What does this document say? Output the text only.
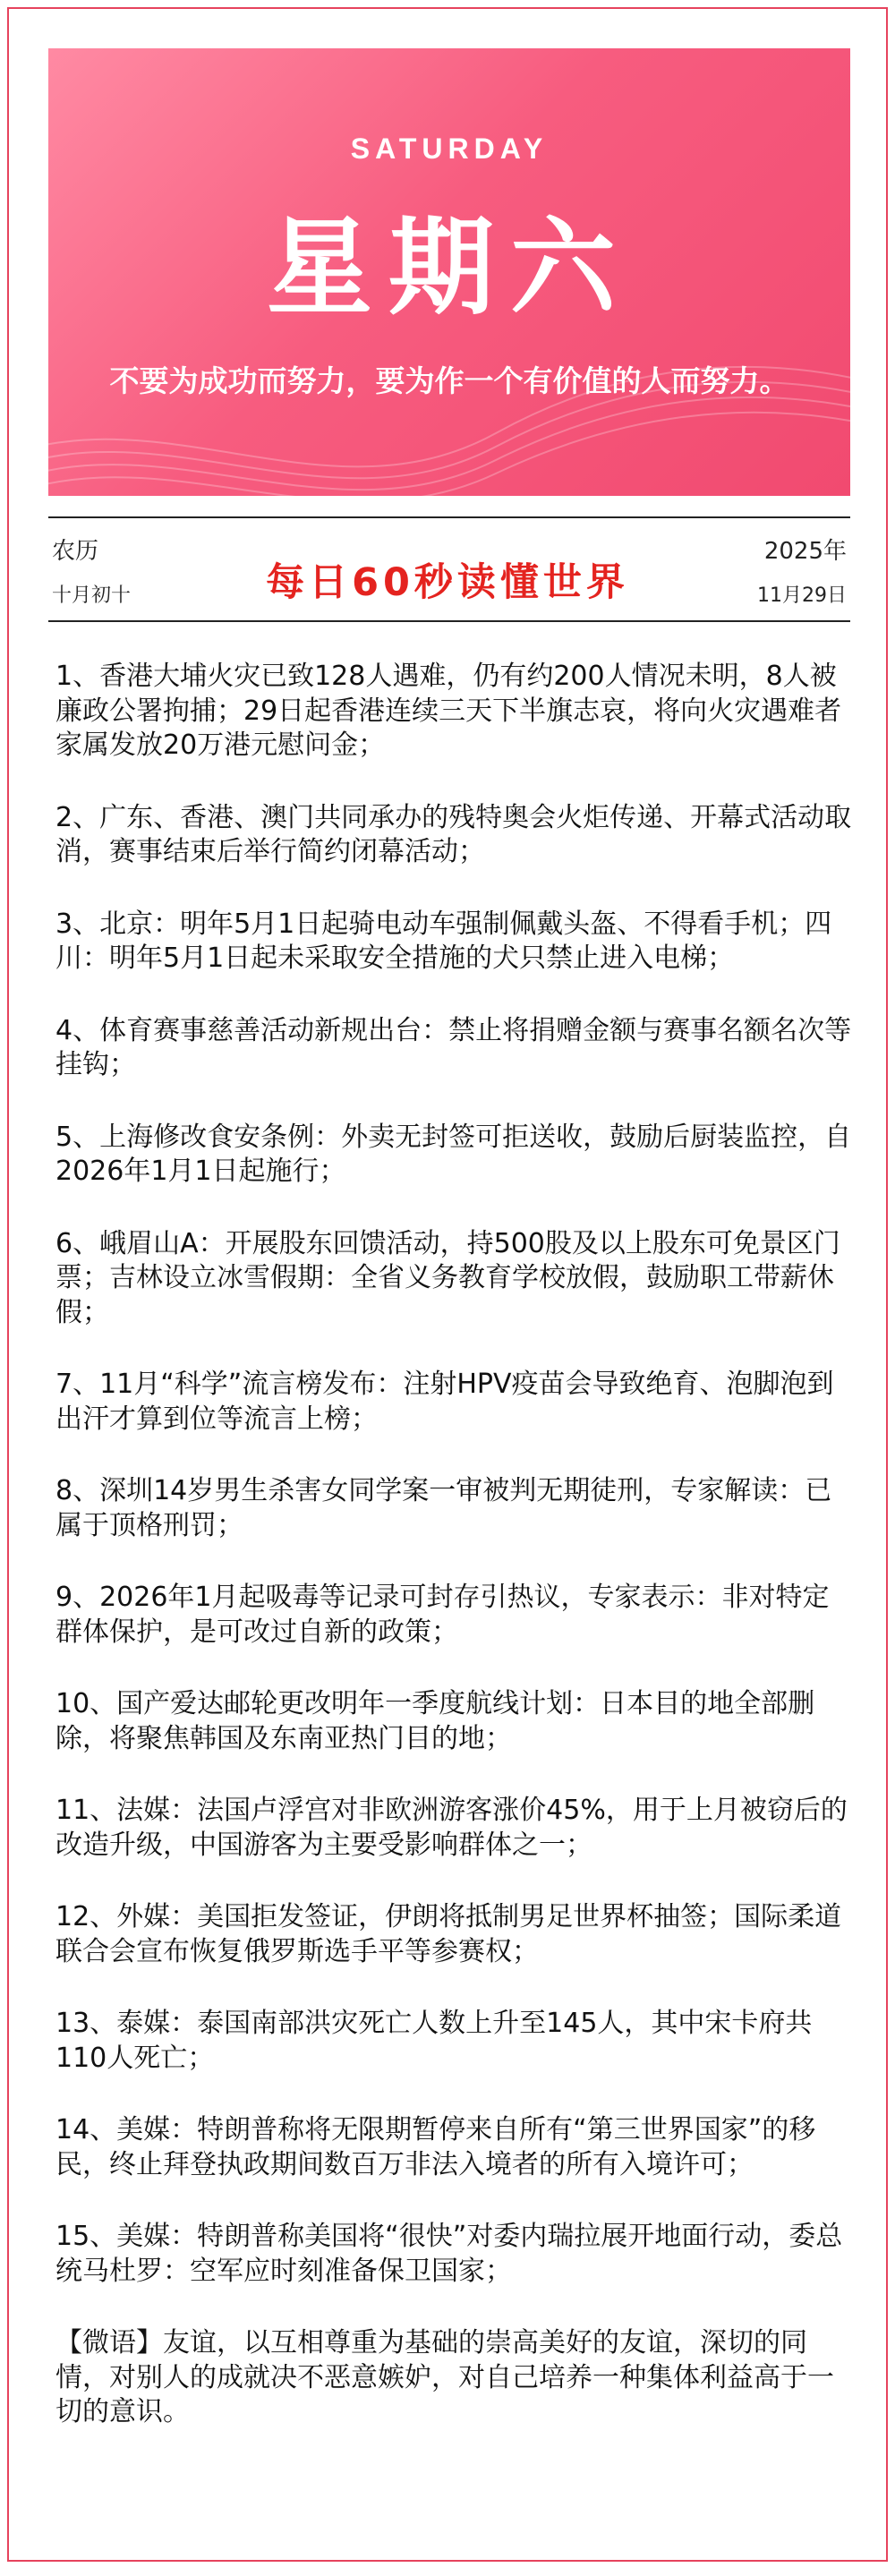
SATURDAY
星期六
不要为成功而努力，要为作一个有价值的人而努力。
农历
十月初十	每日60秒读懂世界
2025年
11月29日
1、香港大埔火灾已致128人遇难，仍有约200人情况未明，8人被廉政公署拘捕；29日起香港连续三天下半旗志哀，将向火灾遇难者家属发放20万港元慰问金；
2、广东、香港、澳门共同承办的残特奥会火炬传递、开幕式活动取消，赛事结束后举行简约闭幕活动；
3、北京：明年5月1日起骑电动车强制佩戴头盔、不得看手机；四川：明年5月1日起未采取安全措施的犬只禁止进入电梯；
4、体育赛事慈善活动新规出台：禁止将捐赠金额与赛事名额名次等挂钩；
5、上海修改食安条例：外卖无封签可拒送收，鼓励后厨装监控，自2026年1月1日起施行；
6、峨眉山A：开展股东回馈活动，持500股及以上股东可免景区门票；吉林设立冰雪假期：全省义务教育学校放假，鼓励职工带薪休假；
7、11月“科学”流言榜发布：注射HPV疫苗会导致绝育、泡脚泡到出汗才算到位等流言上榜；
8、深圳14岁男生杀害女同学案一审被判无期徒刑，专家解读：已属于顶格刑罚；
9、2026年1月起吸毒等记录可封存引热议，专家表示：非对特定群体保护，是可改过自新的政策；
10、国产爱达邮轮更改明年一季度航线计划：日本目的地全部删除，将聚焦韩国及东南亚热门目的地；
11、法媒：法国卢浮宫对非欧洲游客涨价45%，用于上月被窃后的改造升级，中国游客为主要受影响群体之一；
12、外媒：美国拒发签证，伊朗将抵制男足世界杯抽签；国际柔道联合会宣布恢复俄罗斯选手平等参赛权；
13、泰媒：泰国南部洪灾死亡人数上升至145人，其中宋卡府共110人死亡；
14、美媒：特朗普称将无限期暂停来自所有“第三世界国家”的移民，终止拜登执政期间数百万非法入境者的所有入境许可；
15、美媒：特朗普称美国将“很快”对委内瑞拉展开地面行动，委总统马杜罗：空军应时刻准备保卫国家；
【微语】友谊，以互相尊重为基础的崇高美好的友谊，深切的同情，对别人的成就决不恶意嫉妒，对自己培养一种集体利益高于一切的意识。
